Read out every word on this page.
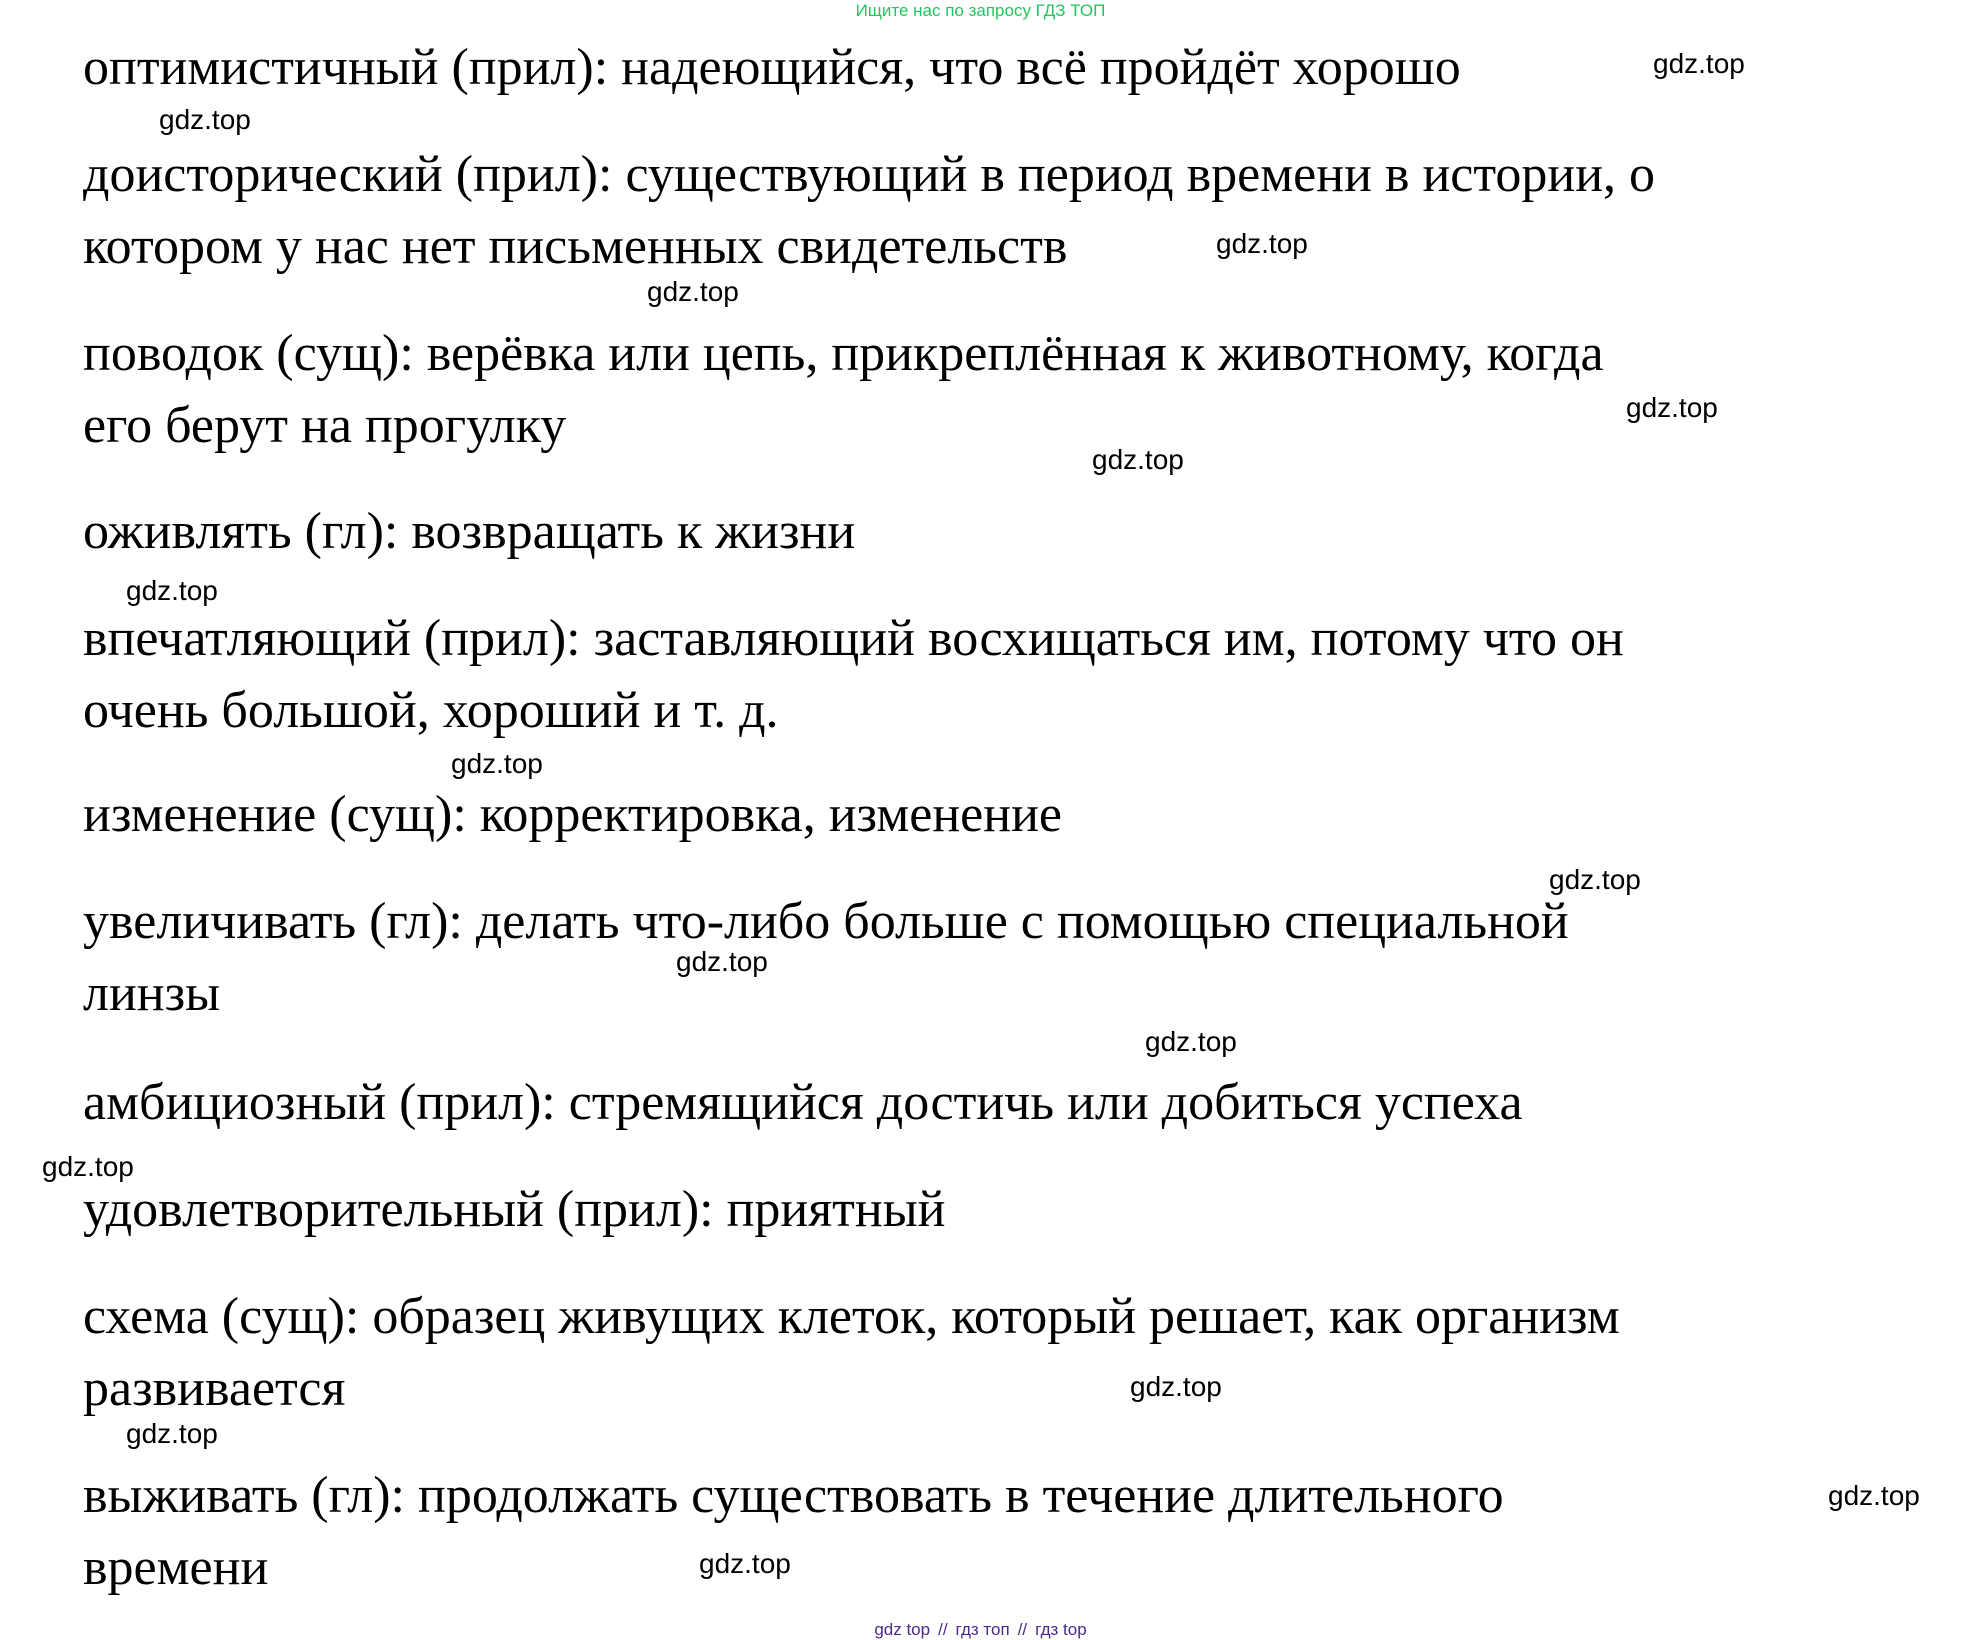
Ищите нас по запросу ГДЗ ТОП

оптимистичный (прил): надеющийся, что всё пройдёт хорошо

доисторический (прил): существующий в период времени в истории, о
котором у нас нет письменных свидетельств

поводок (сущ): верёвка или цепь, прикреплённая к животному, когда
его берут на прогулку

оживлять (гл): возвращать к жизни

впечатляющий (прил): заставляющий восхищаться им, потому что он
очень большой, хороший и т. д.

изменение (сущ): корректировка, изменение

увеличивать (гл): делать что-либо больше с помощью специальной
линзы

амбициозный (прил): стремящийся достичь или добиться успеха

удовлетворительный (прил): приятный

схема (сущ): образец живущих клеток, который решает, как организм
развивается

выживать (гл): продолжать существовать в течение длительного
времени

gdz.top
gdz.top
gdz.top
gdz.top
gdz.top
gdz.top
gdz.top
gdz.top
gdz.top
gdz.top
gdz.top
gdz.top
gdz.top
gdz.top
gdz.top
gdz.top
gdz top // гдз топ // гдз top
